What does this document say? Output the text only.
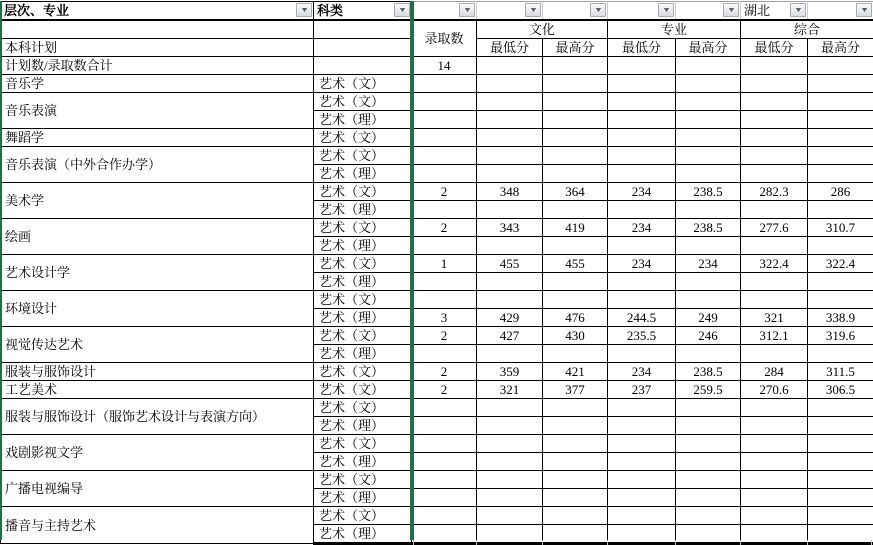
层次、专业 ▼	科类 ▼	▼	▼	▼	▼	▼	湖北 ▼	▼

		录取数	文化		专业		综合	
本科计划			最低分	最高分	最低分	最高分	最低分	最高分
计划数/录取数合计		14						
音乐学	艺术（文）							
音乐表演	艺术（文）							
	艺术（理）							
舞蹈学	艺术（文）							
音乐表演（中外合作办学）	艺术（文）							
	艺术（理）							
美术学	艺术（文）	2	348	364	234	238.5	282.3	286
	艺术（理）							
绘画	艺术（文）	2	343	419	234	238.5	277.6	310.7
	艺术（理）							
艺术设计学	艺术（文）	1	455	455	234	234	322.4	322.4
	艺术（理）							
环境设计	艺术（文）							
	艺术（理）	3	429	476	244.5	249	321	338.9
视觉传达艺术	艺术（文）	2	427	430	235.5	246	312.1	319.6
	艺术（理）							
服装与服饰设计	艺术（文）	2	359	421	234	238.5	284	311.5
工艺美术	艺术（文）	2	321	377	237	259.5	270.6	306.5
服装与服饰设计（服饰艺术设计与表演方向）	艺术（文）							
	艺术（理）							
戏剧影视文学	艺术（文）							
	艺术（理）							
广播电视编导	艺术（文）							
	艺术（理）							
播音与主持艺术	艺术（文）							
	艺术（理）							
